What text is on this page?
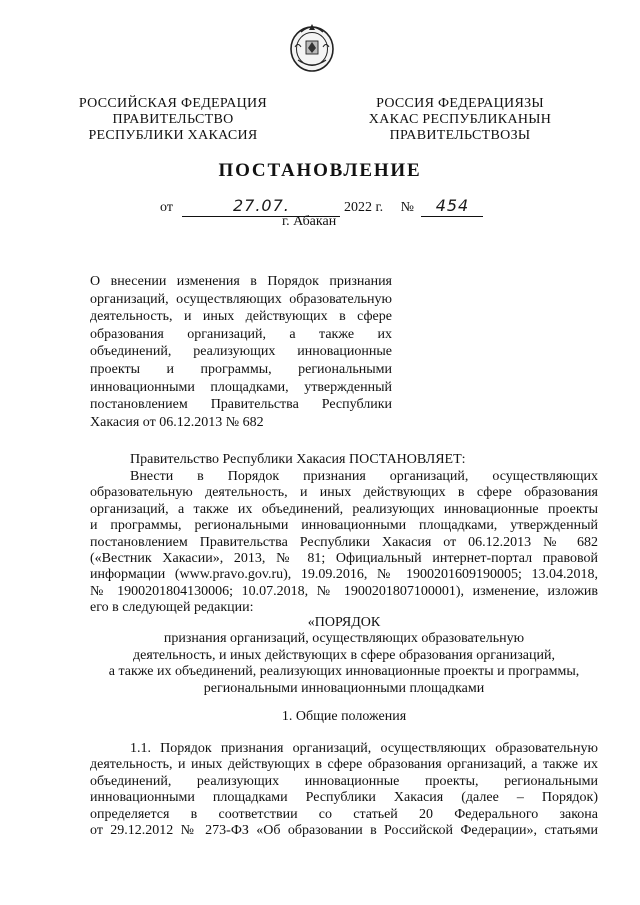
РОССИЙСКАЯ ФЕДЕРАЦИЯ
ПРАВИТЕЛЬСТВО
РЕСПУБЛИКИ ХАКАСИЯ
РОССИЯ ФЕДЕРАЦИЯЗЫ
ХАКАС РЕСПУБЛИКАНЫН
ПРАВИТЕЛЬСТВОЗЫ
ПОСТАНОВЛЕНИЕ
от	27.07.	2022 г. № 454
г. Абакан
О внесении изменения в Порядок признания
организаций, осуществляющих образовательную
деятельность, и иных действующих в сфере
образования организаций, а также их
объединений, реализующих инновационные
проекты и программы, региональными
инновационными площадками, утвержденный
постановлением Правительства Республики
Хакасия от 06.12.2013 № 682
Правительство Республики Хакасия ПОСТАНОВЛЯЕТ:
Внести в Порядок признания организаций, осуществляющих
образовательную деятельность, и иных действующих в сфере образования
организаций, а также их объединений, реализующих инновационные проекты
и программы, региональными инновационными площадками, утвержденный
постановлением Правительства Республики Хакасия от 06.12.2013 № 682
(«Вестник Хакасии», 2013, № 81; Официальный интернет-портал правовой
информации (www.pravo.gov.ru), 19.09.2016, № 1900201609190005; 13.04.2018,
№ 1900201804130006; 10.07.2018, № 1900201807100001), изменение, изложив
его в следующей редакции:
«ПОРЯДОК
признания организаций, осуществляющих образовательную
деятельность, и иных действующих в сфере образования организаций,
а также их объединений, реализующих инновационные проекты и программы,
региональными инновационными площадками
1. Общие положения
1.1. Порядок признания организаций, осуществляющих образовательную
деятельность, и иных действующих в сфере образования организаций, а также их
объединений, реализующих инновационные проекты, региональными
инновационными площадками Республики Хакасия (далее – Порядок)
определяется в соответствии со статьей 20 Федерального закона
от 29.12.2012 № 273-ФЗ «Об образовании в Российской Федерации», статьями
